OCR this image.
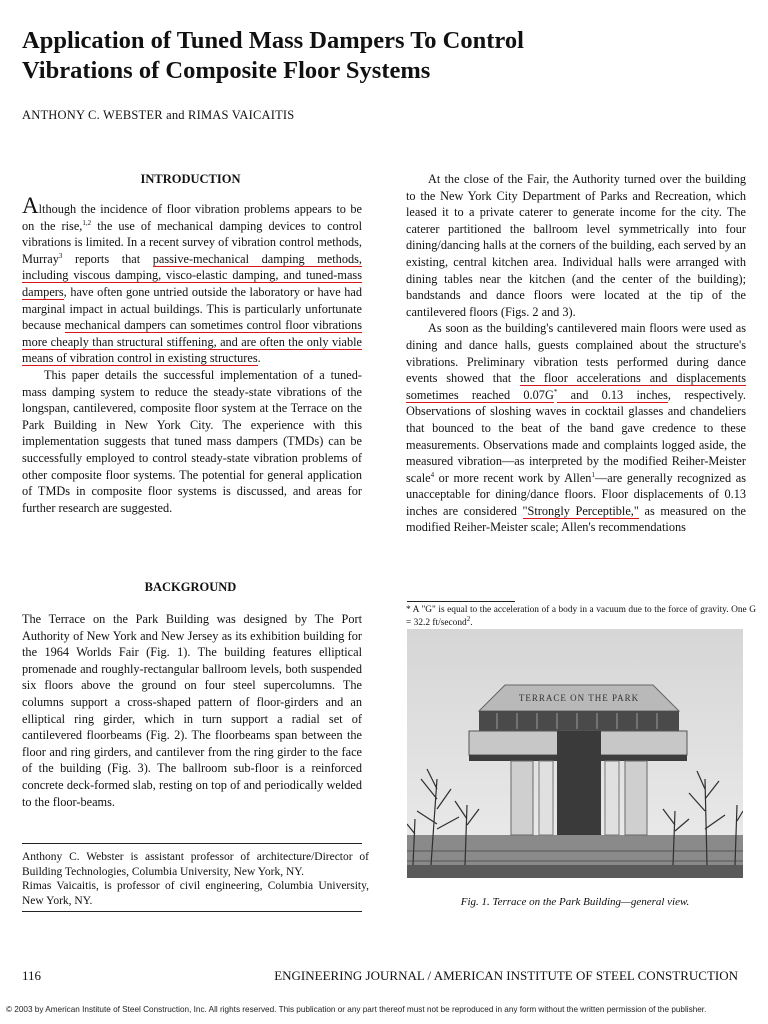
Application of Tuned Mass Dampers To Control
Vibrations of Composite Floor Systems
ANTHONY C. WEBSTER and RIMAS VAICAITIS
INTRODUCTION

Although the incidence of floor vibration problems appears to be on the rise,$^{1,2}$ the use of mechanical damping devices to control vibrations is limited. In a recent survey of vibration control methods, Murray$^3$ reports that passive-mechanical damping methods, including viscous damping, visco-elastic damping, and tuned-mass dampers, have often gone untried outside the laboratory or have had marginal impact in actual buildings. This is particularly unfortunate because mechanical dampers can sometimes control floor vibrations more cheaply than structural stiffening, and are often the only viable means of vibration control in existing structures.

This paper details the successful implementation of a tuned-mass damping system to reduce the steady-state vibrations of the longspan, cantilevered, composite floor system at the Terrace on the Park Building in New York City. The experience with this implementation suggests that tuned mass dampers (TMDs) can be successfully employed to control steady-state vibration problems of other composite floor systems. The potential for general application of TMDs in composite floor systems is discussed, and areas for further research are suggested.

BACKGROUND

The Terrace on the Park Building was designed by The Port Authority of New York and New Jersey as its exhibition building for the 1964 Worlds Fair (Fig. 1). The building features elliptical promenade and roughly-rectangular ballroom levels, both suspended six floors above the ground on four steel supercolumns. The columns support a cross-shaped pattern of floor-girders and an elliptical ring girder, which in turn support a radial set of cantilevered floorbeams (Fig. 2). The floorbeams span between the floor and ring girders, and cantilever from the ring girder to the face of the building (Fig. 3). The ballroom sub-floor is a reinforced concrete deck-formed slab, resting on top of and periodically welded to the floor-beams.

Anthony C. Webster is assistant professor of architecture/Director of Building Technologies, Columbia University, New York, NY.

Rimas Vaicaitis, is professor of civil engineering, Columbia University, New York, NY.

At the close of the Fair, the Authority turned over the building to the New York City Department of Parks and Recreation, which leased it to a private caterer to generate income for the city. The caterer partitioned the ballroom level symmetrically into four dining/dancing halls at the corners of the building, each served by an existing, central kitchen area. Individual halls were arranged with dining tables near the kitchen (and the center of the building); bandstands and dance floors were located at the tip of the cantilevered floors (Figs. 2 and 3).

As soon as the building's cantilevered main floors were used as dining and dance halls, guests complained about the structure's vibrations. Preliminary vibration tests performed during dance events showed that the floor accelerations and displacements sometimes reached 0.07G* and 0.13 inches, respectively. Observations of sloshing waves in cocktail glasses and chandeliers that bounced to the beat of the band gave credence to these measurements. Observations made and complaints logged aside, the measured vibration—as interpreted by the modified Reiher-Meister scale$^4$ or more recent work by Allen$^1$—are generally recognized as unacceptable for dining/dance floors. Floor displacements of 0.13 inches are considered "Strongly Perceptible," as measured on the modified Reiher-Meister scale; Allen's recommendations

* A "G" is equal to the acceleration of a body in a vacuum due to the force of gravity. One G = 32.2 ft/second$^2$.
TERRACE ON THE PARK
Fig. 1. Terrace on the Park Building—general view.
116	ENGINEERING JOURNAL / AMERICAN INSTITUTE OF STEEL CONSTRUCTION
© 2003 by American Institute of Steel Construction, Inc. All rights reserved. This publication or any part thereof must not be reproduced in any form without the written permission of the publisher.
